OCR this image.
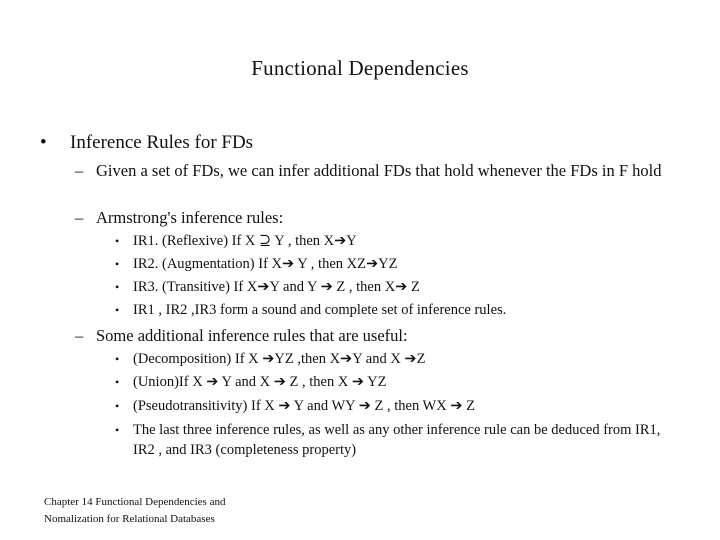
Functional Dependencies
• Inference Rules for FDs
– Given a set of FDs, we can infer additional FDs that hold whenever the FDs in F hold
– Armstrong's inference rules:
• IR1. (Reflexive) If X ⊇ Y , then X➔Y
• IR2. (Augmentation) If X➔ Y , then XZ➔YZ
• IR3. (Transitive) If X➔Y and Y ➔ Z , then X➔ Z
• IR1 , IR2 ,IR3 form a sound and complete set of inference rules.
– Some additional inference rules that are useful:
• (Decomposition) If X ➔YZ ,then X➔Y and X ➔Z
• (Union)If X ➔ Y and X ➔ Z , then X ➔ YZ
• (Pseudotransitivity) If X ➔ Y and WY ➔ Z , then WX ➔ Z
• The last three inference rules, as well as any other inference rule can be deduced from IR1, IR2 , and IR3 (completeness property)
Chapter 14 Functional Dependencies and
Nomalization for Relational Databases
